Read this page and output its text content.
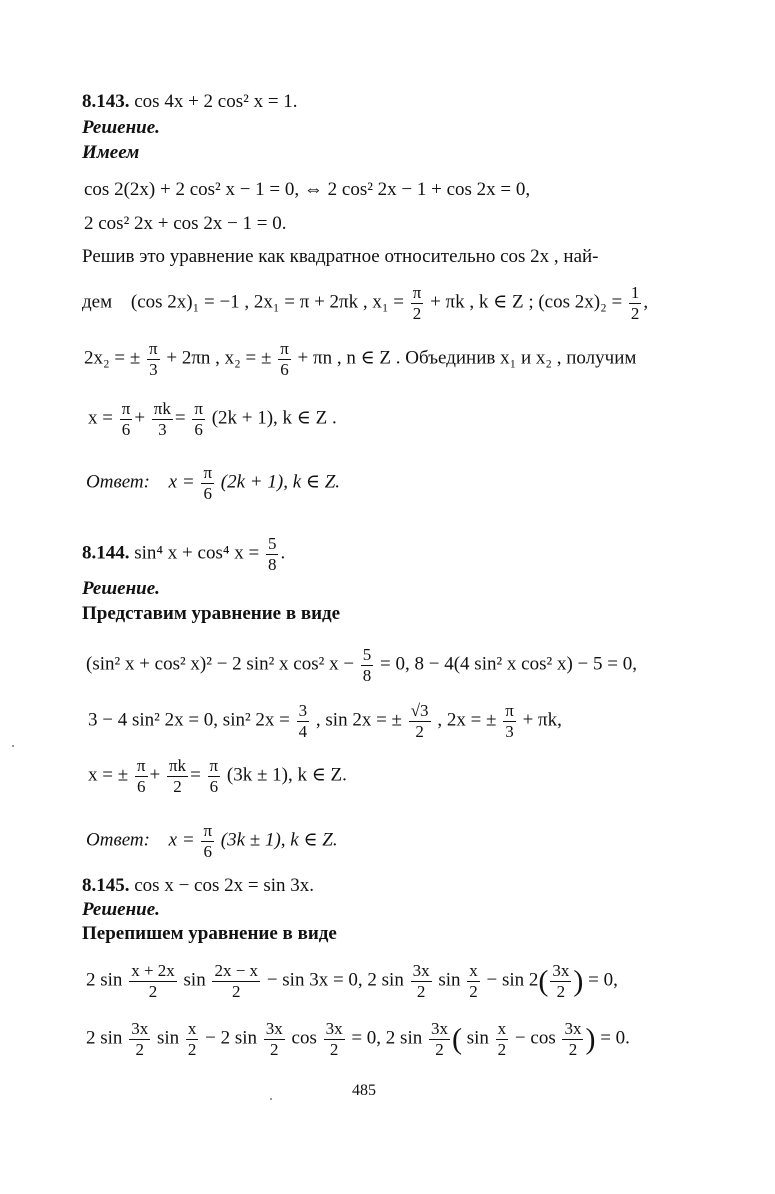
8.143. cos 4x + 2 cos² x = 1.
Решение.
Имеем
cos 2(2x) + 2 cos² x − 1 = 0, ⇔ 2 cos² 2x − 1 + cos 2x = 0,
2 cos² 2x + cos 2x − 1 = 0.
Решив это уравнение как квадратное относительно cos 2x , най-
дем (cos 2x)₁ = −1 , 2x₁ = π + 2πk , $x_1 = \frac{\pi}{2} + \pi k$ , k ∈ Z ; (cos $2x)_2 = \frac{1}{2}$ ,
2x₂ = ± $\frac{\pi}{3} + 2\pi n$ , x₂ = ± $\frac{\pi}{6} + \pi n$ , n ∈ Z . Объединив x₁ и x₂ , получим
$x = \frac{\pi}{6} + \frac{\pi k}{3} = \frac{\pi}{6} (2k + 1)$, k ∈ Z .
Ответ: $x = \frac{\pi}{6} (2k + 1)$, k ∈ Z.
8.144. sin⁴ x + cos⁴ $x = \frac{5}{8}$ .
Решение.
Представим уравнение в виде
(sin² x + cos² x)² − 2 sin² x cos² $x - \frac{5}{8} = 0$, 8 − 4(4 sin² x cos² x) − 5 = 0,
3 − 4 sin² 2x = 0, sin² $2x = \frac{3}{4}$ , sin 2x = ± $\frac{√3}{2}$ , 2x = ± $\frac{\pi}{3} + \pi k$,
x = ± $\frac{\pi}{6} + \frac{\pi k}{2} = \frac{\pi}{6} (3k \pm 1)$, k ∈ Z.
Ответ: $x = \frac{\pi}{6} (3k \pm 1)$, k ∈ Z.
8.145. cos x − cos 2x = sin 3x.
Решение.
Перепишем уравнение в виде
2 $\sin \frac{x + 2x}{2}$ $\sin \frac{2x - x}{2} - \sin 3x = 0$, 2 $\sin \frac{3x}{2}$ $\sin \frac{x}{2} - \sin 2( \frac{3x}{2}$ ) = 0,
2 $\sin \frac{3x}{2}$ $\sin \frac{x}{2} - 2$ $\sin \frac{3x}{2}$ $\cos \frac{3x}{2} = 0$, 2 $\sin \frac{3x}{2}$ ( $\sin \frac{x}{2} - \cos \frac{3x}{2}$ ) = 0.
485
